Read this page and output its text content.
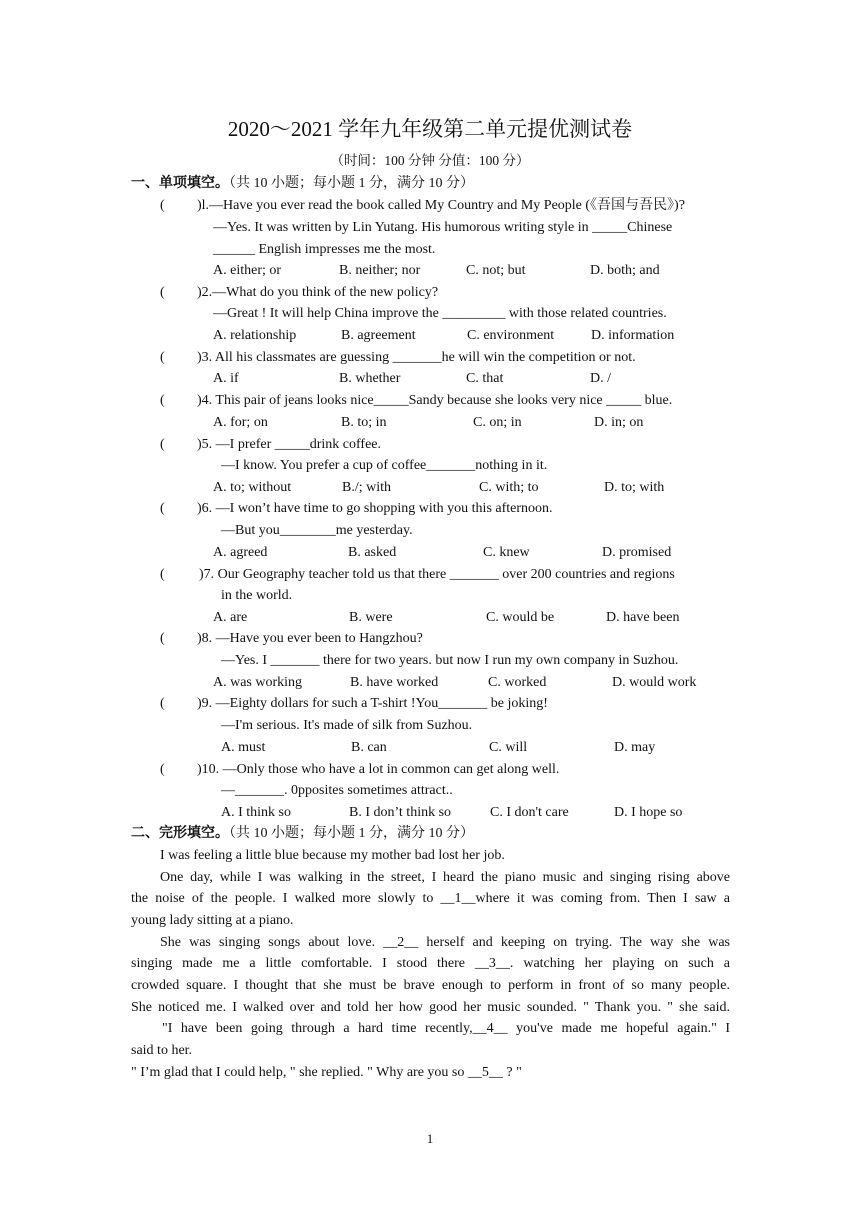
2020～2021 学年九年级第二单元提优测试卷
（时间：100 分钟 分值：100 分）
一、单项填空。（共 10 小题；每小题 1 分，满分 10 分）
( )l.—Have you ever read the book called My Country and My People (《吾国与吾民》)?
—Yes. It was written by Lin Yutang. His humorous writing style in _____Chinese
______ English impresses me the most.
A. either; or	B. neither; nor	C. not; but	D. both; and
( )2.—What do you think of the new policy?
—Great ! It will help China improve the _________ with those related countries.
A. relationship	B. agreement	C. environment	D. information
( )3. All his classmates are guessing _______he will win the competition or not.
A. if	B. whether	C. that	D. /
( )4. This pair of jeans looks nice_____Sandy because she looks very nice _____ blue.
A. for; on	B. to; in	C. on; in	D. in; on
( )5. —I prefer _____drink coffee.
—I know. You prefer a cup of coffee_______nothing in it.
A. to; without	B./; with	C. with; to	D. to; with
( )6. —I won’t have time to go shopping with you this afternoon.
—But you________me yesterday.
A. agreed	B. asked	C. knew	D. promised
( )7. Our Geography teacher told us that there _______ over 200 countries and regions
in the world.
A. are	B. were	C. would be	D. have been
( )8. —Have you ever been to Hangzhou?
—Yes. I _______ there for two years. but now I run my own company in Suzhou.
A. was working	B. have worked	C. worked	D. would work
( )9. —Eighty dollars for such a T-shirt !You_______ be joking!
—I'm serious. It's made of silk from Suzhou.
A. must	B. can	C. will	D. may
( )10. —Only those who have a lot in common can get along well.
—_______. 0pposites sometimes attract..
A. I think so	B. I don’t think so	C. I don't care	D. I hope so
二、完形填空。（共 10 小题；每小题 1 分，满分 10 分）
I was feeling a little blue because my mother bad lost her job.
One day, while I was walking in the street, I heard the piano music and singing rising above
the noise of the people. I walked more slowly to __1__where it was coming from. Then I saw a
young lady sitting at a piano.
She was singing songs about love. __2__ herself and keeping on trying. The way she was
singing made me a little comfortable. I stood there __3__. watching her playing on such a
crowded square. I thought that she must be brave enough to perform in front of so many people.
She noticed me. I walked over and told her how good her music sounded. " Thank you. " she said.
"I have been going through a hard time recently,__4__ you've made me hopeful again." I
said to her.
" I’m glad that I could help, " she replied. " Why are you so __5__ ? "
1
